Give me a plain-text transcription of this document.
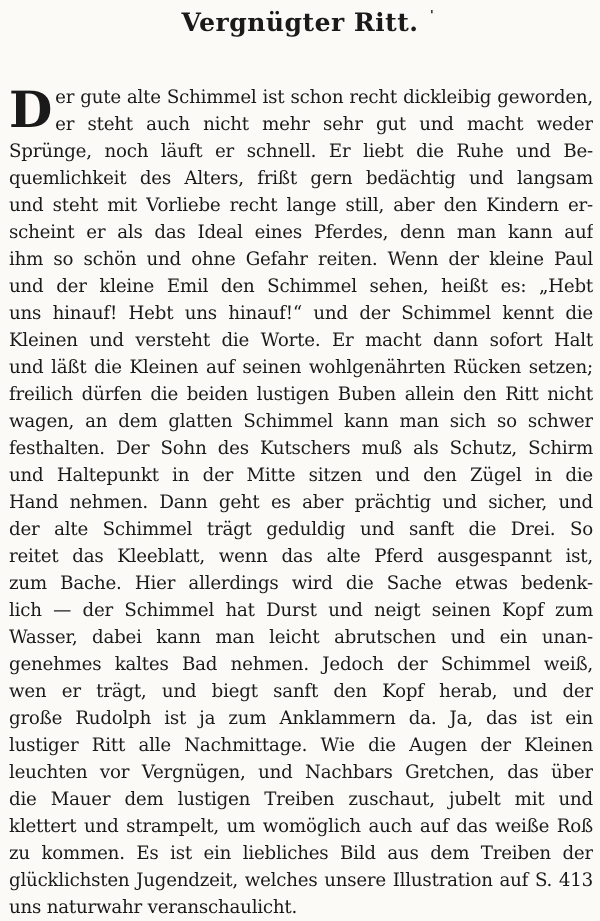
Vergnügter Ritt. '
D er gute alte Schimmel ist schon recht dickleibig geworden,
er steht auch nicht mehr sehr gut und macht weder
Sprünge, noch läuft er schnell. Er liebt die Ruhe und Be-
quemlichkeit des Alters, frißt gern bedächtig und langsam
und steht mit Vorliebe recht lange still, aber den Kindern er-
scheint er als das Ideal eines Pferdes, denn man kann auf
ihm so schön und ohne Gefahr reiten. Wenn der kleine Paul
und der kleine Emil den Schimmel sehen, heißt es: „Hebt
uns hinauf! Hebt uns hinauf!“ und der Schimmel kennt die
Kleinen und versteht die Worte. Er macht dann sofort Halt
und läßt die Kleinen auf seinen wohlgenährten Rücken setzen;
freilich dürfen die beiden lustigen Buben allein den Ritt nicht
wagen, an dem glatten Schimmel kann man sich so schwer
festhalten. Der Sohn des Kutschers muß als Schutz, Schirm
und Haltepunkt in der Mitte sitzen und den Zügel in die
Hand nehmen. Dann geht es aber prächtig und sicher, und
der alte Schimmel trägt geduldig und sanft die Drei. So
reitet das Kleeblatt, wenn das alte Pferd ausgespannt ist,
zum Bache. Hier allerdings wird die Sache etwas bedenk-
lich — der Schimmel hat Durst und neigt seinen Kopf zum
Wasser, dabei kann man leicht abrutschen und ein unan-
genehmes kaltes Bad nehmen. Jedoch der Schimmel weiß,
wen er trägt, und biegt sanft den Kopf herab, und der
große Rudolph ist ja zum Anklammern da. Ja, das ist ein
lustiger Ritt alle Nachmittage. Wie die Augen der Kleinen
leuchten vor Vergnügen, und Nachbars Gretchen, das über
die Mauer dem lustigen Treiben zuschaut, jubelt mit und
klettert und strampelt, um womöglich auch auf das weiße Roß
zu kommen. Es ist ein liebliches Bild aus dem Treiben der
glücklichsten Jugendzeit, welches unsere Illustration auf S. 413
uns naturwahr veranschaulicht.
